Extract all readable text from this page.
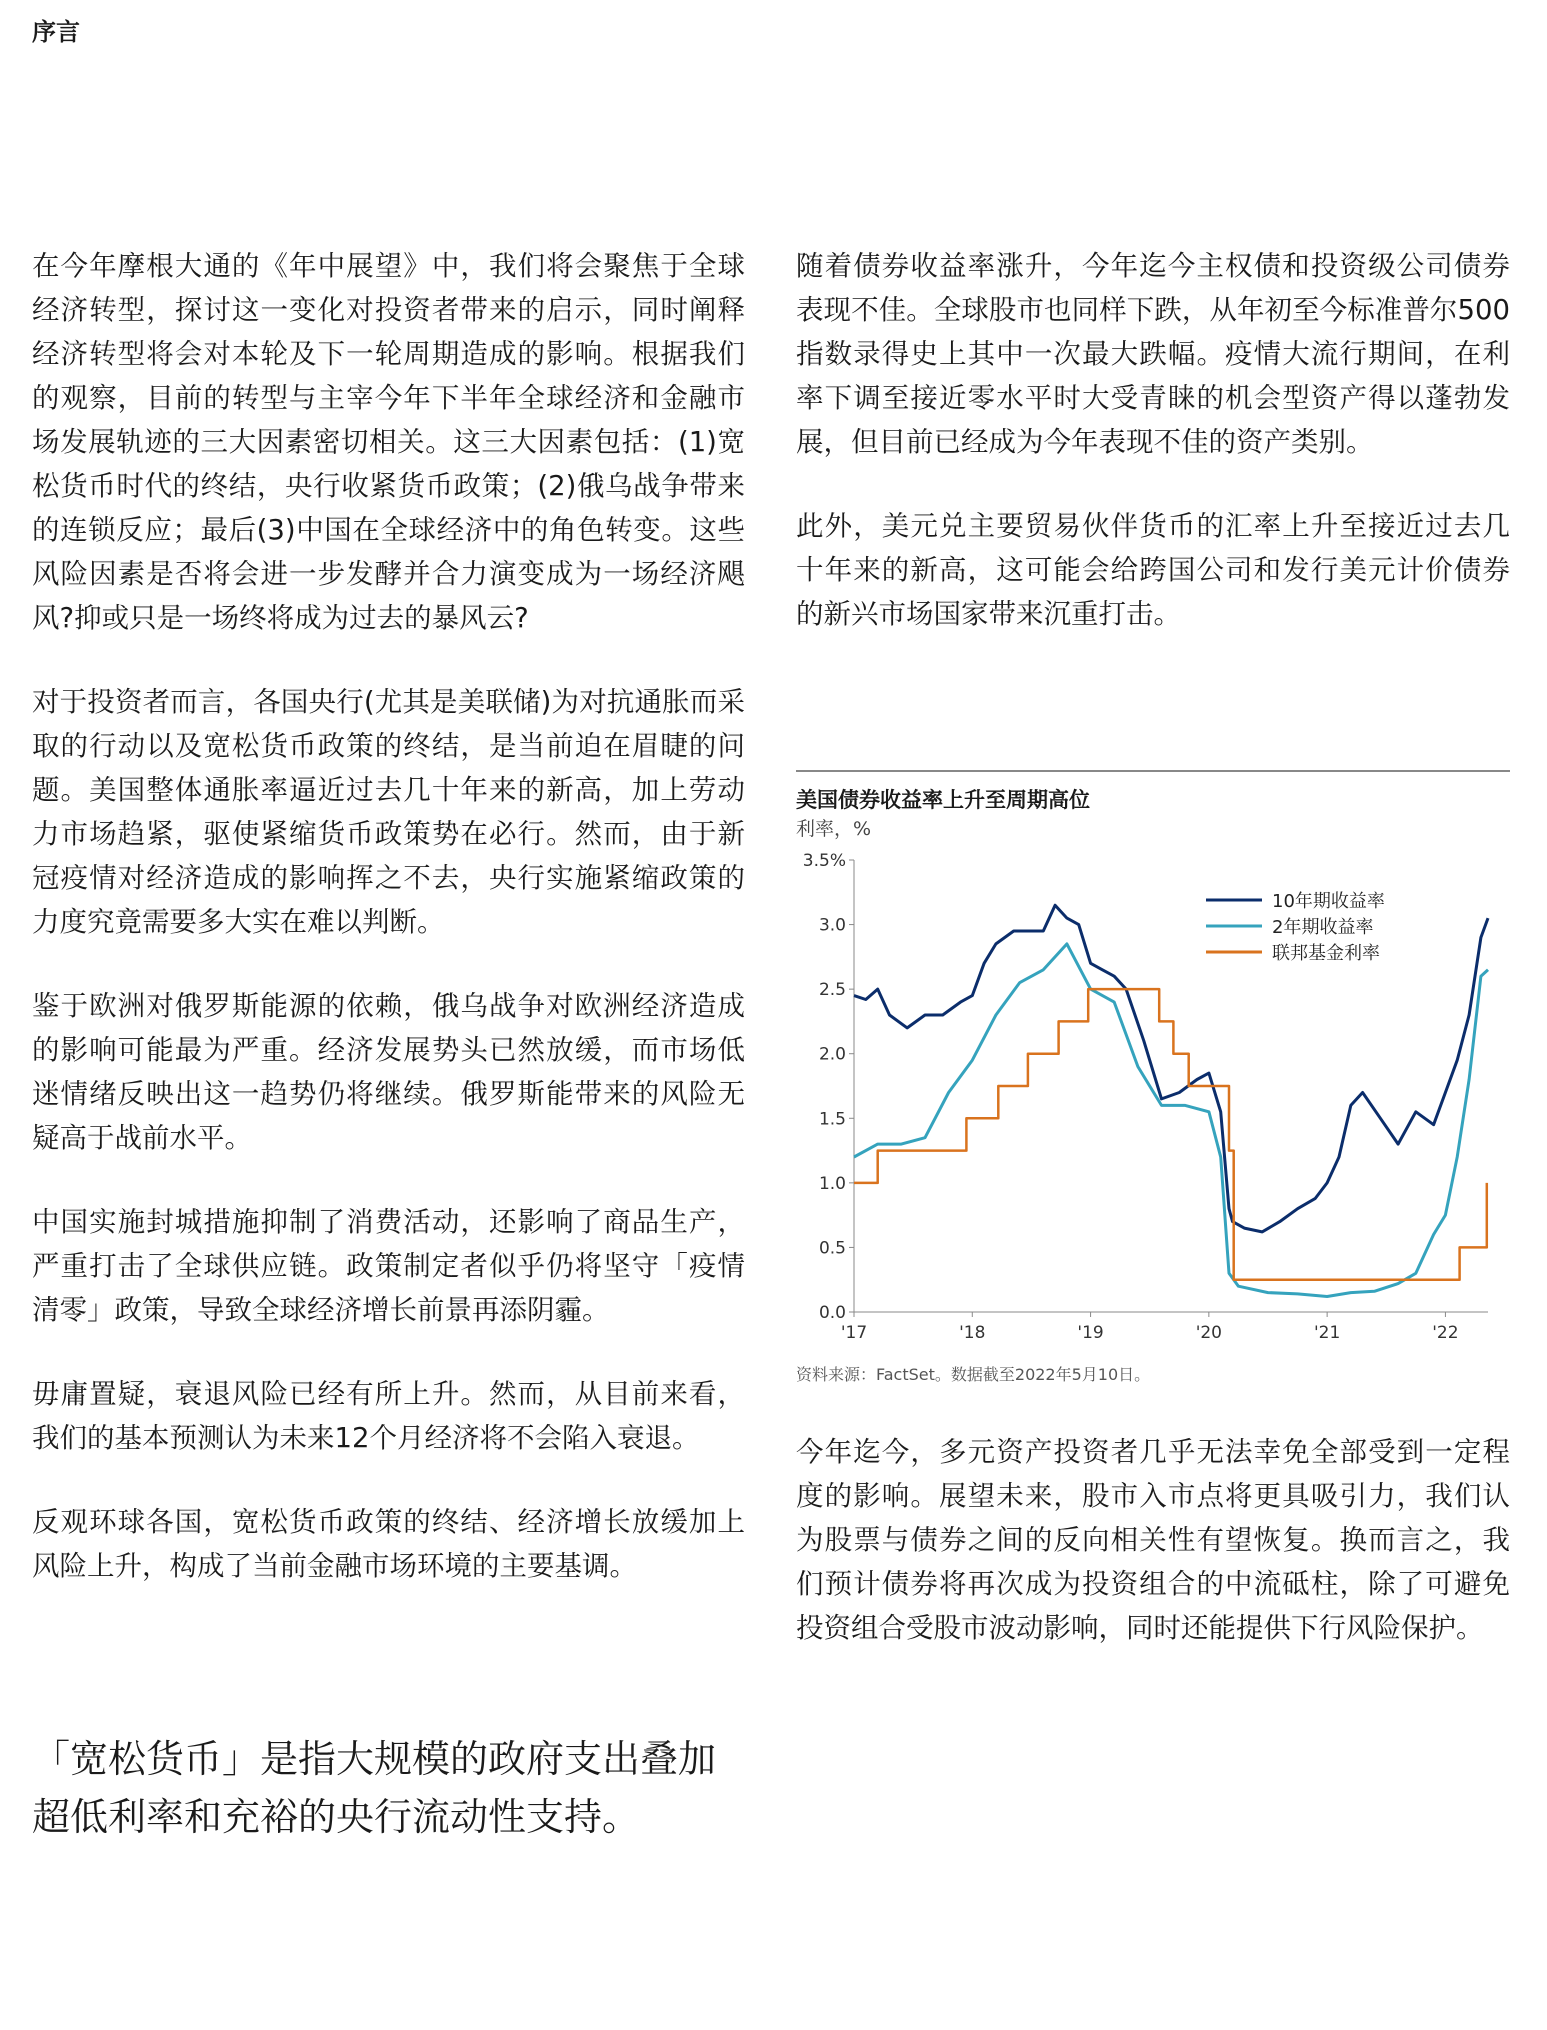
序言

在今年摩根大通的《年中展望》中，我们将会聚焦于全球经济转型，探讨这一变化对投资者带来的启示，同时阐释经济转型将会对本轮及下一轮周期造成的影响。根据我们的观察，目前的转型与主宰今年下半年全球经济和金融市场发展轨迹的三大因素密切相关。这三大因素包括：(1)宽松货币时代的终结，央行收紧货币政策；(2)俄乌战争带来的连锁反应；最后(3)中国在全球经济中的角色转变。这些风险因素是否将会进一步发酵并合力演变成为一场经济飓风?抑或只是一场终将成为过去的暴风云?

对于投资者而言，各国央行(尤其是美联储)为对抗通胀而采取的行动以及宽松货币政策的终结，是当前迫在眉睫的问题。美国整体通胀率逼近过去几十年来的新高，加上劳动力市场趋紧，驱使紧缩货币政策势在必行。然而，由于新冠疫情对经济造成的影响挥之不去，央行实施紧缩政策的力度究竟需要多大实在难以判断。

鉴于欧洲对俄罗斯能源的依赖，俄乌战争对欧洲经济造成的影响可能最为严重。经济发展势头已然放缓，而市场低迷情绪反映出这一趋势仍将继续。俄罗斯能带来的风险无疑高于战前水平。

中国实施封城措施抑制了消费活动，还影响了商品生产，严重打击了全球供应链。政策制定者似乎仍将坚守「疫情清零」政策，导致全球经济增长前景再添阴霾。

毋庸置疑，衰退风险已经有所上升。然而，从目前来看，我们的基本预测认为未来12个月经济将不会陷入衰退。

反观环球各国，宽松货币政策的终结、经济增长放缓加上风险上升，构成了当前金融市场环境的主要基调。

「宽松货币」是指大规模的政府支出叠加超低利率和充裕的央行流动性支持。

随着债券收益率涨升，今年迄今主权债和投资级公司债券表现不佳。全球股市也同样下跌，从年初至今标准普尔500指数录得史上其中一次最大跌幅。疫情大流行期间，在利率下调至接近零水平时大受青睐的机会型资产得以蓬勃发展，但目前已经成为今年表现不佳的资产类别。

此外，美元兑主要贸易伙伴货币的汇率上升至接近过去几十年来的新高，这可能会给跨国公司和发行美元计价债券的新兴市场国家带来沉重打击。

美国债券收益率上升至周期高位
利率，%
3.5%
3.0
2.5
2.0
1.5
1.0
0.5
0.0
'17	'18	'19	'20	'21	'22
10年期收益率
2年期收益率
联邦基金利率
资料来源：FactSet。数据截至2022年5月10日。
今年迄今，多元资产投资者几乎无法幸免全部受到一定程度的影响。展望未来，股市入市点将更具吸引力，我们认为股票与债券之间的反向相关性有望恢复。换而言之，我们预计债券将再次成为投资组合的中流砥柱，除了可避免投资组合受股市波动影响，同时还能提供下行风险保护。
